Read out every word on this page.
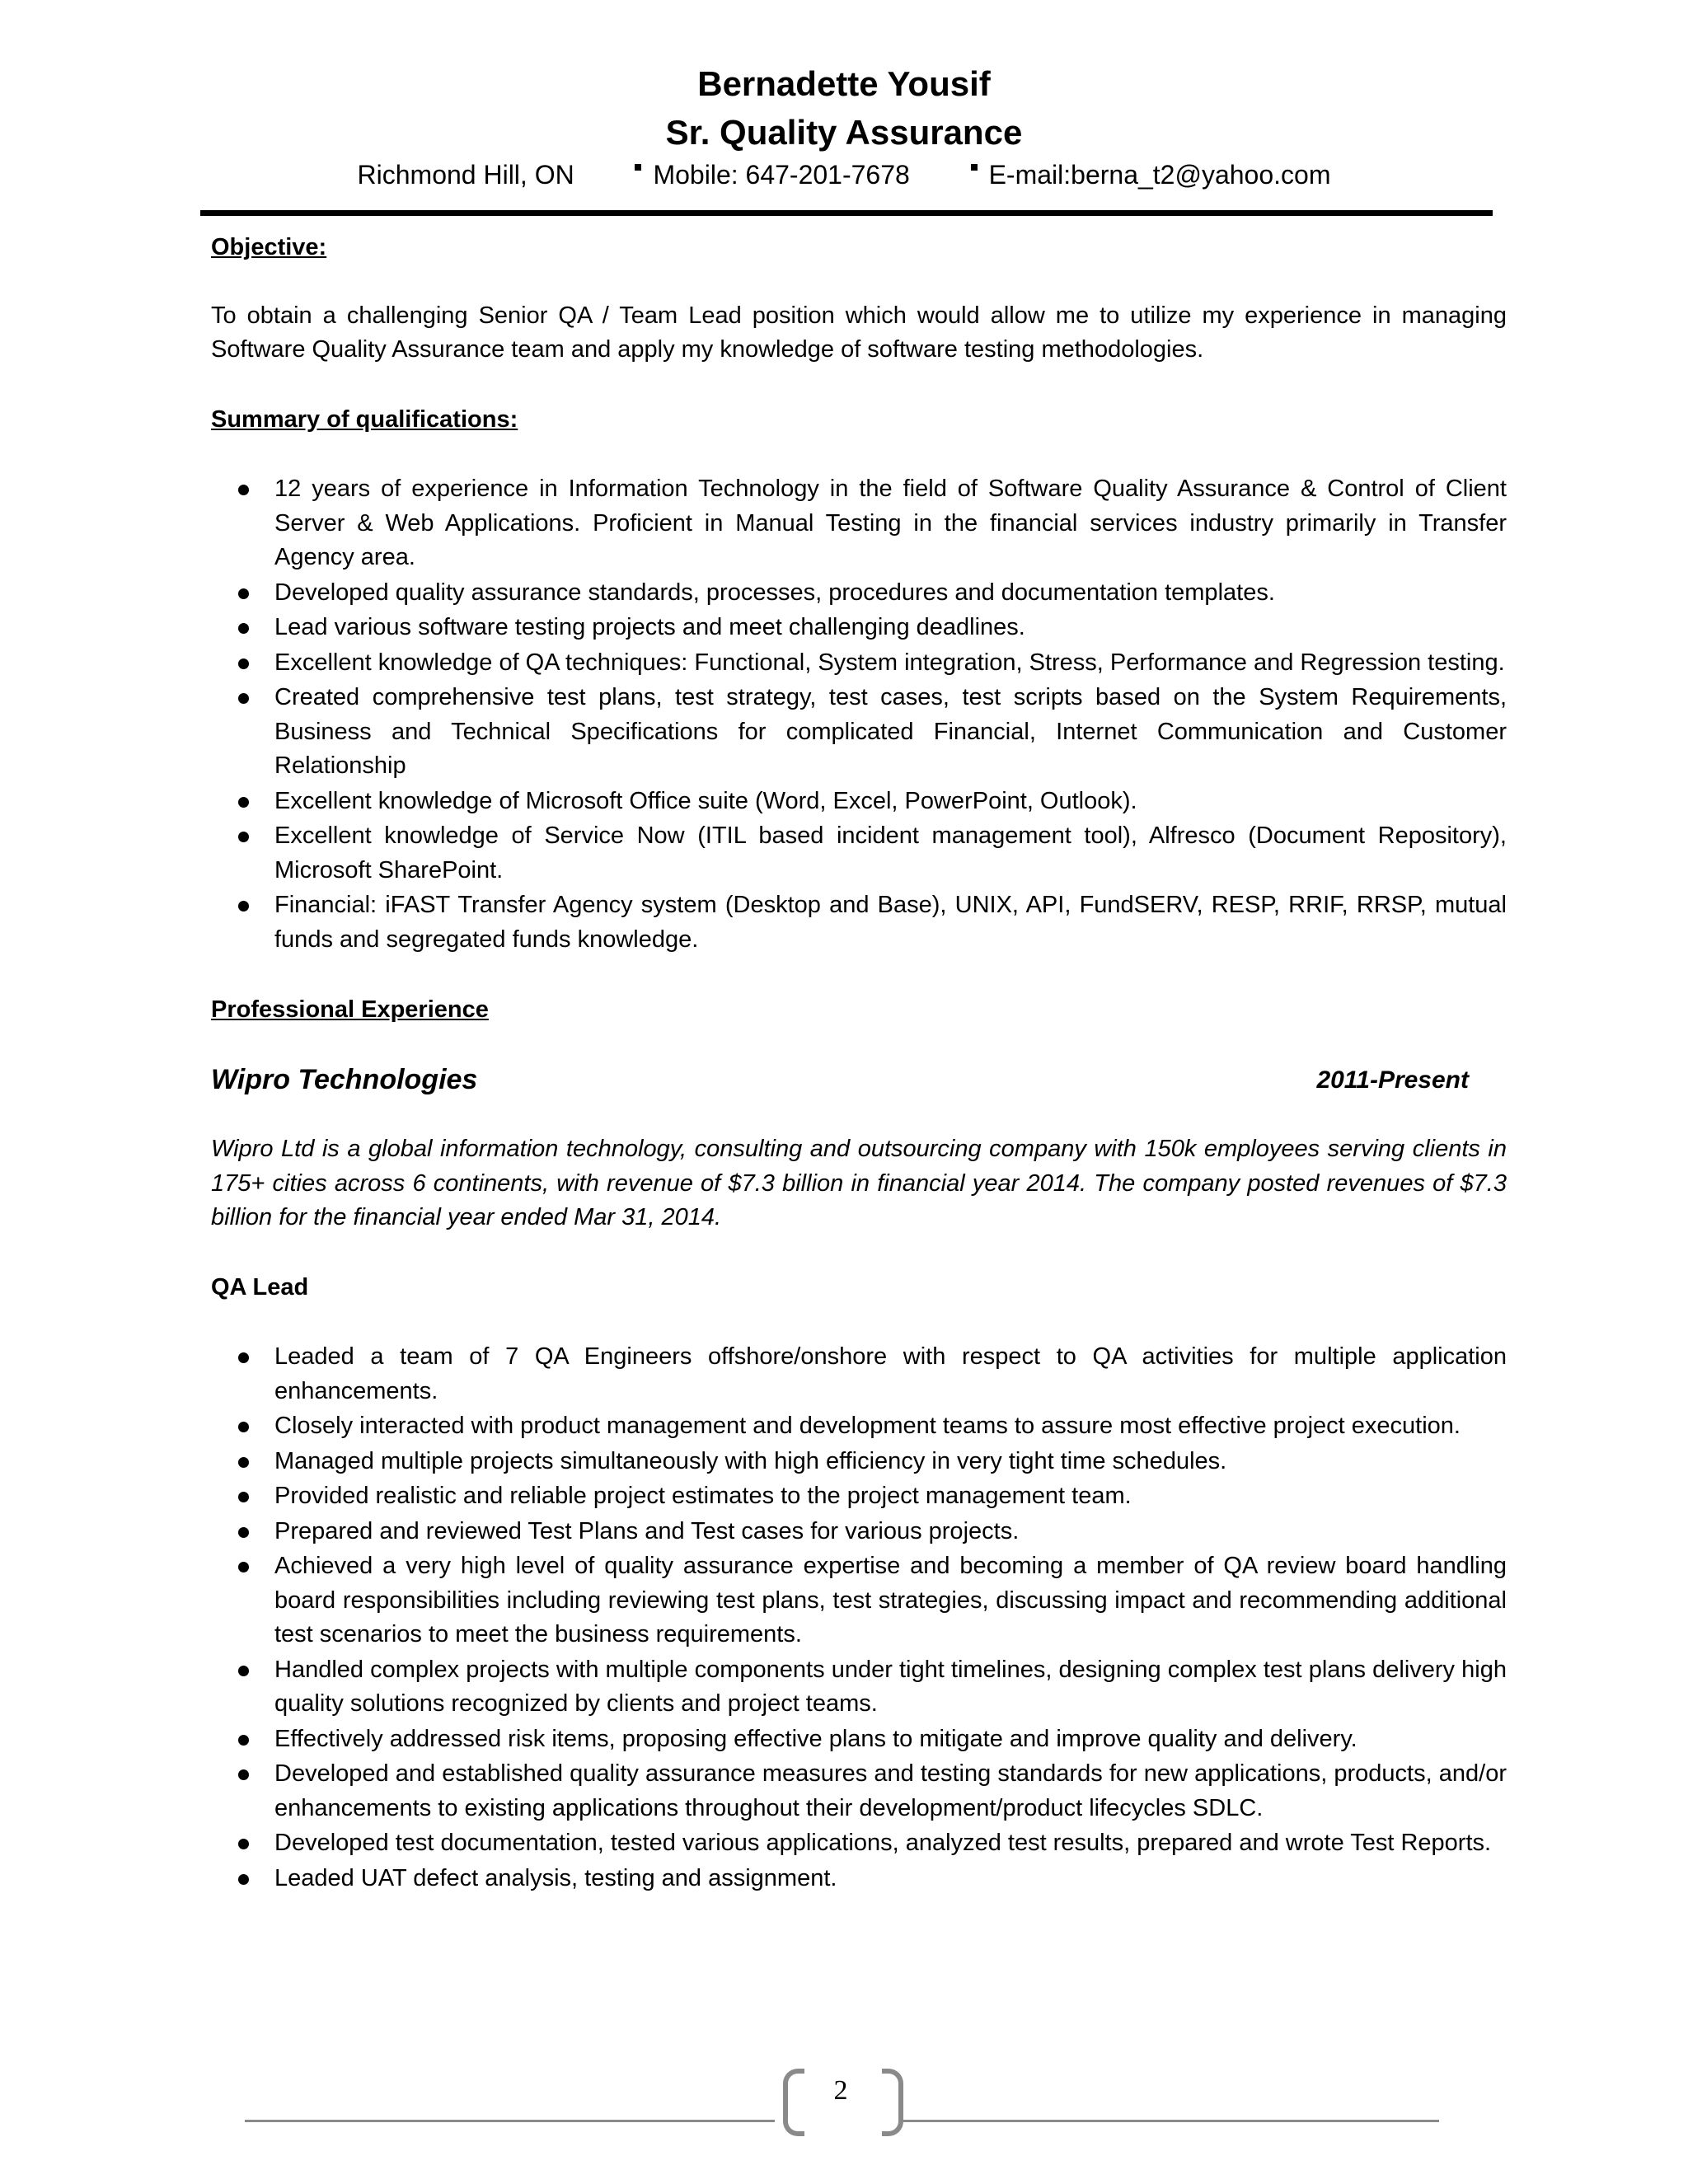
Bernadette Yousif
Sr. Quality Assurance
Richmond Hill, ON	Mobile: 647-201-7678	E-mail:berna_t2@yahoo.com

Objective:

To obtain a challenging Senior QA / Team Lead position which would allow me to utilize my experience in managing Software Quality Assurance team and apply my knowledge of software testing methodologies.

Summary of qualifications:

12 years of experience in Information Technology in the field of Software Quality Assurance & Control of Client Server & Web Applications. Proficient in Manual Testing in the financial services industry primarily in Transfer Agency area.
Developed quality assurance standards, processes, procedures and documentation templates.
Lead various software testing projects and meet challenging deadlines.
Excellent knowledge of QA techniques: Functional, System integration, Stress, Performance and Regression testing.
Created comprehensive test plans, test strategy, test cases, test scripts based on the System Requirements, Business and Technical Specifications for complicated Financial, Internet Communication and Customer Relationship
Excellent knowledge of Microsoft Office suite (Word, Excel, PowerPoint, Outlook).
Excellent knowledge of Service Now (ITIL based incident management tool), Alfresco (Document Repository), Microsoft SharePoint.
Financial: iFAST Transfer Agency system (Desktop and Base), UNIX, API, FundSERV, RESP, RRIF, RRSP, mutual funds and segregated funds knowledge.

Professional Experience

Wipro Technologies	2011-Present

Wipro Ltd is a global information technology, consulting and outsourcing company with 150k employees serving clients in 175+ cities across 6 continents, with revenue of $7.3 billion in financial year 2014. The company posted revenues of $7.3 billion for the financial year ended Mar 31, 2014.

QA Lead

Leaded a team of 7 QA Engineers offshore/onshore with respect to QA activities for multiple application enhancements.
Closely interacted with product management and development teams to assure most effective project execution.
Managed multiple projects simultaneously with high efficiency in very tight time schedules.
Provided realistic and reliable project estimates to the project management team.
Prepared and reviewed Test Plans and Test cases for various projects.
Achieved a very high level of quality assurance expertise and becoming a member of QA review board handling board responsibilities including reviewing test plans, test strategies, discussing impact and recommending additional test scenarios to meet the business requirements.
Handled complex projects with multiple components under tight timelines, designing complex test plans delivery high quality solutions recognized by clients and project teams.
Effectively addressed risk items, proposing effective plans to mitigate and improve quality and delivery.
Developed and established quality assurance measures and testing standards for new applications, products, and/or enhancements to existing applications throughout their development/product lifecycles SDLC.
Developed test documentation, tested various applications, analyzed test results, prepared and wrote Test Reports.
Leaded UAT defect analysis, testing and assignment.
2
